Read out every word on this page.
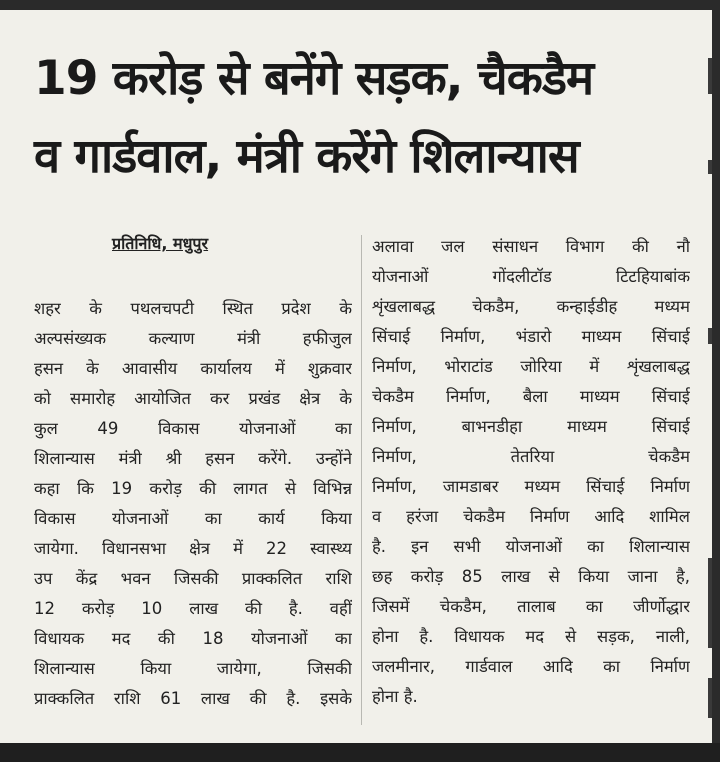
19 करोड़ से बनेंगे सड़क, चैकडैम
व गार्डवाल, मंत्री करेंगे शिलान्यास
प्रतिनिधि, मधुपुर
शहर के पथलचपटी स्थित प्रदेश के
अल्पसंख्यक कल्याण मंत्री हफीजुल
हसन के आवासीय कार्यालय में शुक्रवार
को समारोह आयोजित कर प्रखंड क्षेत्र के
कुल 49 विकास योजनाओं का
शिलान्यास मंत्री श्री हसन करेंगे. उन्होंने
कहा कि 19 करोड़ की लागत से विभिन्न
विकास योजनाओं का कार्य किया
जायेगा. विधानसभा क्षेत्र में 22 स्वास्थ्य
उप केंद्र भवन जिसकी प्राक्कलित राशि
12 करोड़ 10 लाख की है. वहीं
विधायक मद की 18 योजनाओं का
शिलान्यास किया जायेगा, जिसकी
प्राक्कलित राशि 61 लाख की है. इसके
अलावा जल संसाधन विभाग की नौ
योजनाओं गोंदलीटॉड टिटहियाबांक
शृंखलाबद्ध चेकडैम, कन्हाईडीह मध्यम
सिंचाई निर्माण, भंडारो माध्यम सिंचाई
निर्माण, भोराटांड जोरिया में शृंखलाबद्ध
चेकडैम निर्माण, बैला माध्यम सिंचाई
निर्माण, बाभनडीहा माध्यम सिंचाई
निर्माण, तेतरिया चेकडैम
निर्माण, जामडाबर मध्यम सिंचाई निर्माण
व हरंजा चेकडैम निर्माण आदि शामिल
है. इन सभी योजनाओं का शिलान्यास
छह करोड़ 85 लाख से किया जाना है,
जिसमें चेकडैम, तालाब का जीर्णोद्धार
होना है. विधायक मद से सड़क, नाली,
जलमीनार, गार्डवाल आदि का निर्माण
होना है.
